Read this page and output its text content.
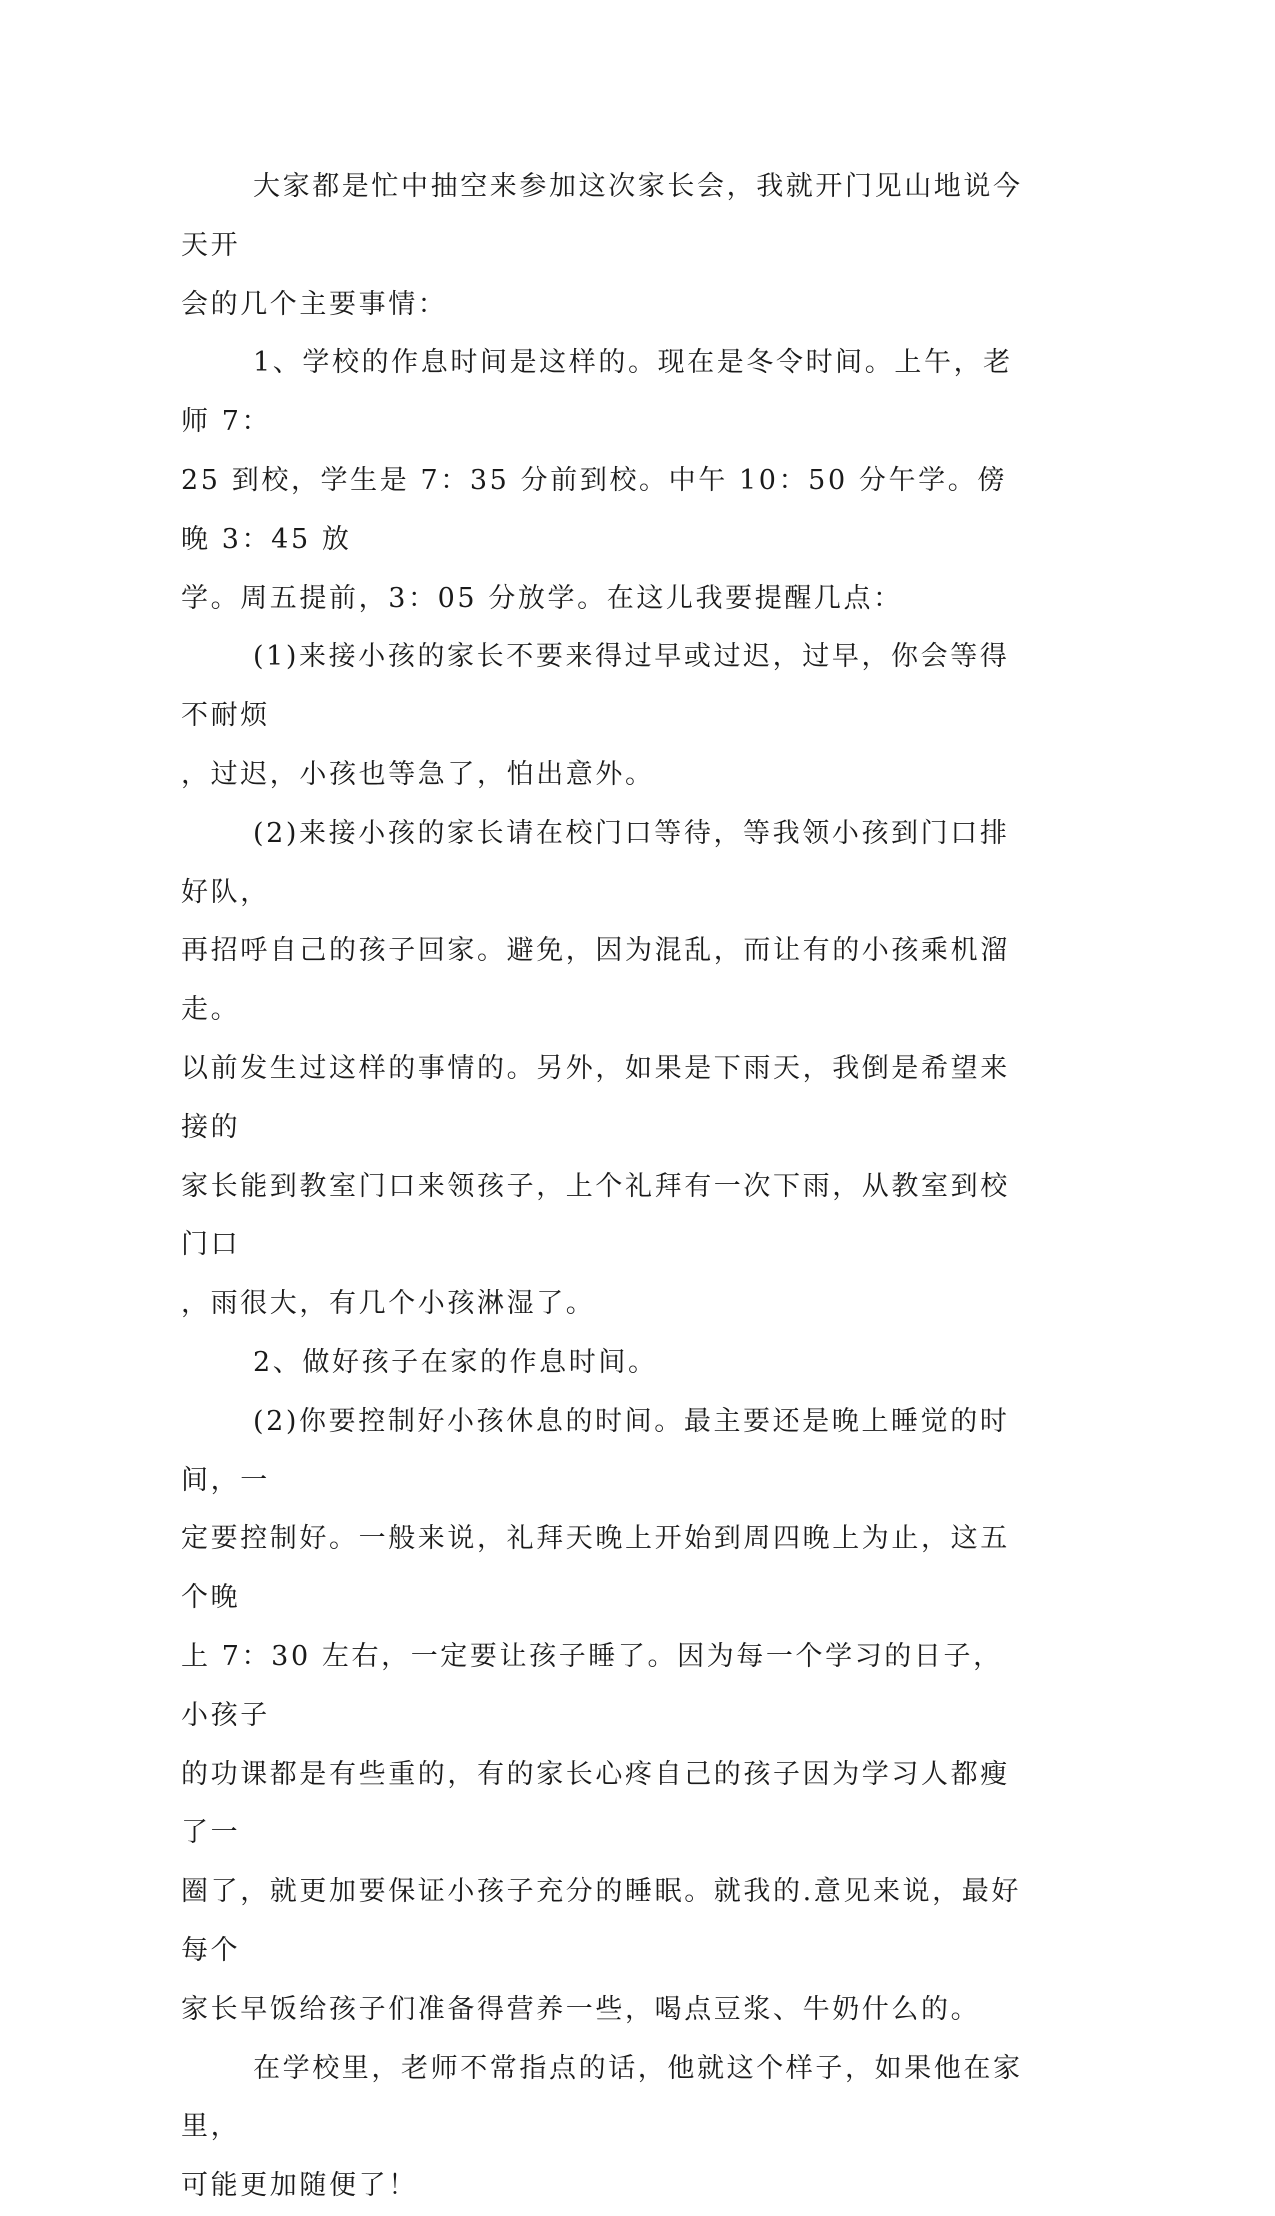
大家都是忙中抽空来参加这次家长会，我就开门见山地说今天开
会的几个主要事情：

1、学校的作息时间是这样的。现在是冬令时间。上午，老师 7：
25 到校，学生是 7：35 分前到校。中午 10：50 分午学。傍晚 3：45 放
学。周五提前，3：05 分放学。在这儿我要提醒几点：

(1)来接小孩的家长不要来得过早或过迟，过早，你会等得不耐烦
，过迟，小孩也等急了，怕出意外。

(2)来接小孩的家长请在校门口等待，等我领小孩到门口排好队，
再招呼自己的孩子回家。避免，因为混乱，而让有的小孩乘机溜走。
以前发生过这样的事情的。另外，如果是下雨天，我倒是希望来接的
家长能到教室门口来领孩子，上个礼拜有一次下雨，从教室到校门口
，雨很大，有几个小孩淋湿了。

2、做好孩子在家的作息时间。

(2)你要控制好小孩休息的时间。最主要还是晚上睡觉的时间，一
定要控制好。一般来说，礼拜天晚上开始到周四晚上为止，这五个晚
上 7：30 左右，一定要让孩子睡了。因为每一个学习的日子，小孩子
的功课都是有些重的，有的家长心疼自己的孩子因为学习人都瘦了一
圈了，就更加要保证小孩子充分的睡眠。就我的.意见来说，最好每个
家长早饭给孩子们准备得营养一些，喝点豆浆、牛奶什么的。

在学校里，老师不常指点的话，他就这个样子，如果他在家里，
可能更加随便了！
